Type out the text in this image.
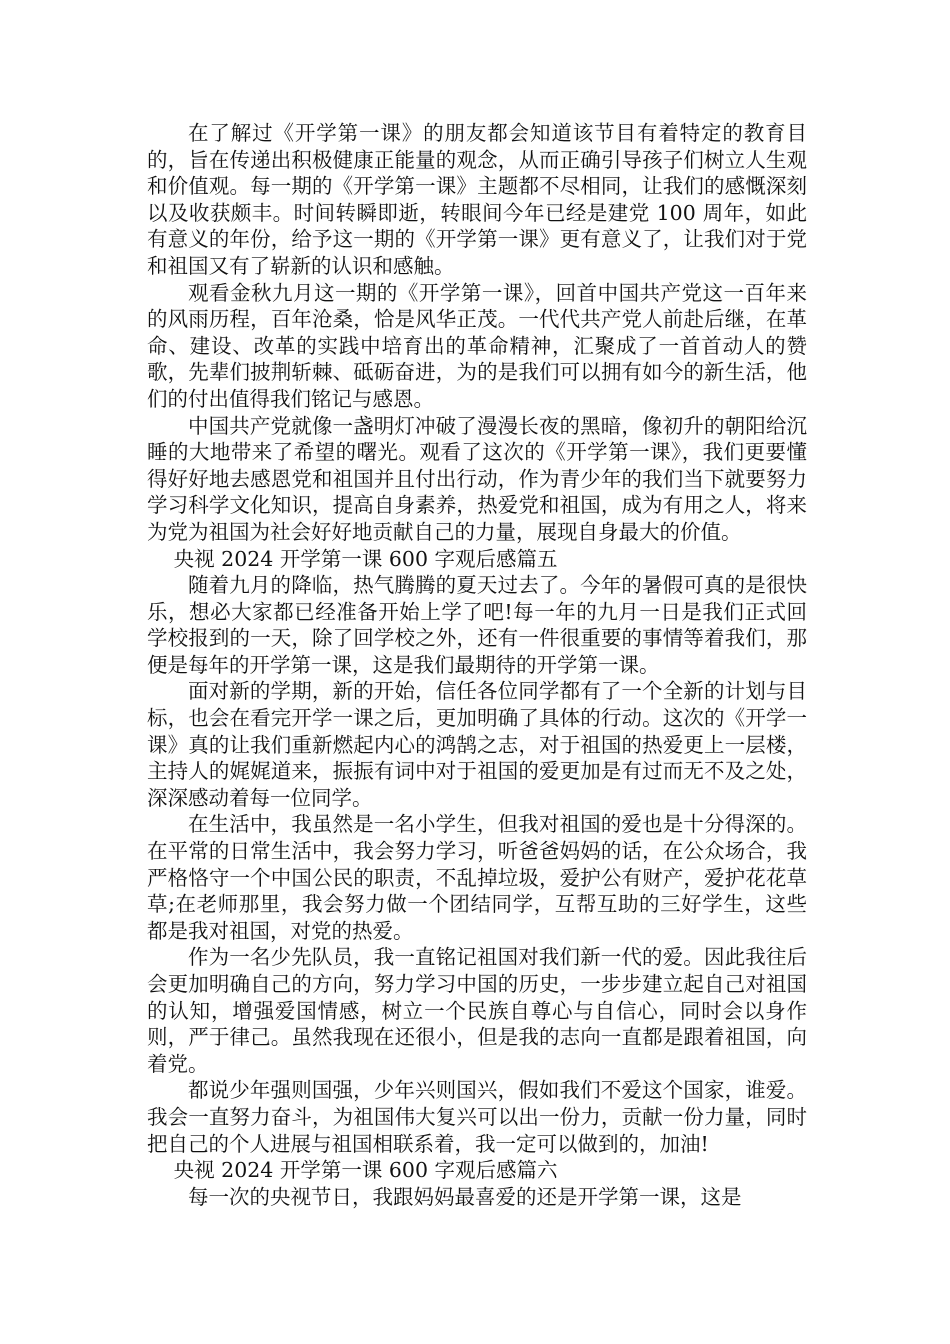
在了解过《开学第一课》的朋友都会知道该节目有着特定的教育目的，旨在传递出积极健康正能量的观念，从而正确引导孩子们树立人生观和价值观。每一期的《开学第一课》主题都不尽相同，让我们的感慨深刻以及收获颇丰。时间转瞬即逝，转眼间今年已经是建党 100 周年，如此有意义的年份，给予这一期的《开学第一课》更有意义了，让我们对于党和祖国又有了崭新的认识和感触。

观看金秋九月这一期的《开学第一课》，回首中国共产党这一百年来的风雨历程，百年沧桑，恰是风华正茂。一代代共产党人前赴后继，在革命、建设、改革的实践中培育出的革命精神，汇聚成了一首首动人的赞歌，先辈们披荆斩棘、砥砺奋进，为的是我们可以拥有如今的新生活，他们的付出值得我们铭记与感恩。

中国共产党就像一盏明灯冲破了漫漫长夜的黑暗，像初升的朝阳给沉睡的大地带来了希望的曙光。观看了这次的《开学第一课》，我们更要懂得好好地去感恩党和祖国并且付出行动，作为青少年的我们当下就要努力学习科学文化知识，提高自身素养，热爱党和祖国，成为有用之人，将来为党为祖国为社会好好地贡献自己的力量，展现自身最大的价值。

央视 2024 开学第一课 600 字观后感篇五

随着九月的降临，热气腾腾的夏天过去了。今年的暑假可真的是很快乐，想必大家都已经准备开始上学了吧!每一年的九月一日是我们正式回学校报到的一天，除了回学校之外，还有一件很重要的事情等着我们，那便是每年的开学第一课，这是我们最期待的开学第一课。

面对新的学期，新的开始，信任各位同学都有了一个全新的计划与目标，也会在看完开学一课之后，更加明确了具体的行动。这次的《开学一课》真的让我们重新燃起内心的鸿鹄之志，对于祖国的热爱更上一层楼，主持人的娓娓道来，振振有词中对于祖国的爱更加是有过而无不及之处，深深感动着每一位同学。

在生活中，我虽然是一名小学生，但我对祖国的爱也是十分得深的。在平常的日常生活中，我会努力学习，听爸爸妈妈的话，在公众场合，我严格恪守一个中国公民的职责，不乱掉垃圾，爱护公有财产，爱护花花草草;在老师那里，我会努力做一个团结同学，互帮互助的三好学生，这些都是我对祖国，对党的热爱。

作为一名少先队员，我一直铭记祖国对我们新一代的爱。因此我往后会更加明确自己的方向，努力学习中国的历史，一步步建立起自己对祖国的认知，增强爱国情感，树立一个民族自尊心与自信心，同时会以身作则，严于律己。虽然我现在还很小，但是我的志向一直都是跟着祖国，向着党。

都说少年强则国强，少年兴则国兴，假如我们不爱这个国家，谁爱。我会一直努力奋斗，为祖国伟大复兴可以出一份力，贡献一份力量，同时把自己的个人进展与祖国相联系着，我一定可以做到的，加油!

央视 2024 开学第一课 600 字观后感篇六

每一次的央视节日，我跟妈妈最喜爱的还是开学第一课，这是
